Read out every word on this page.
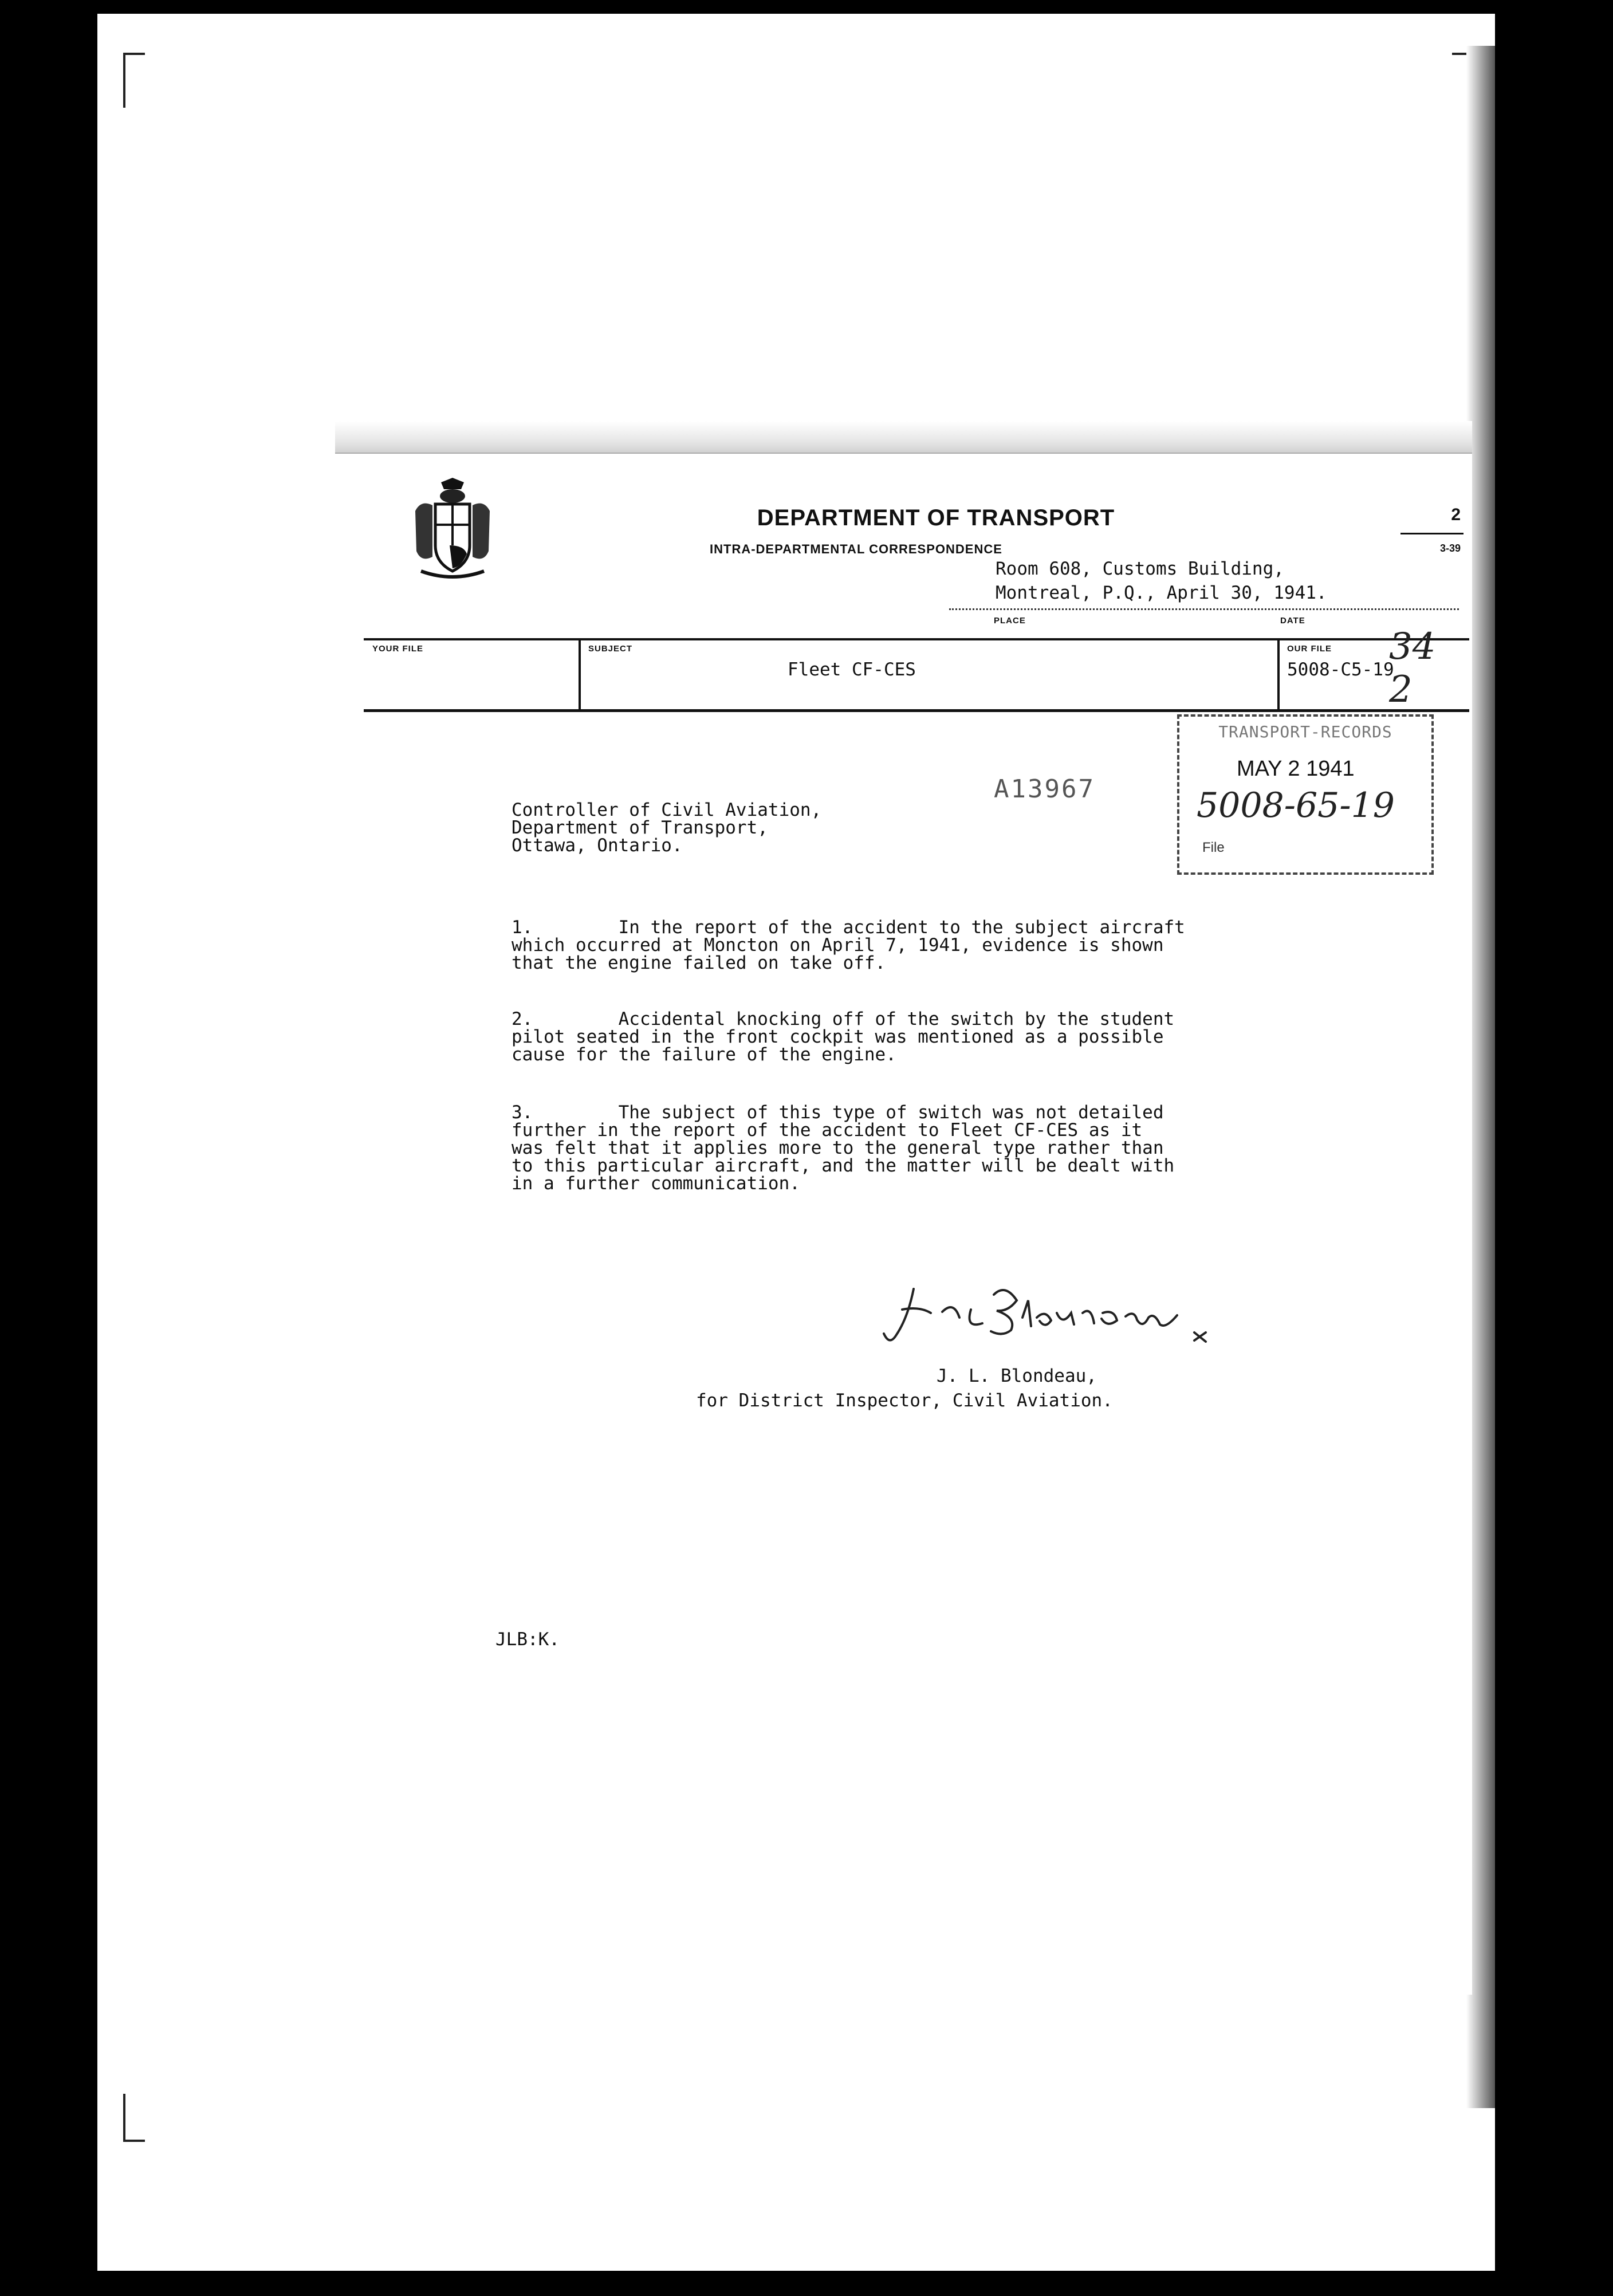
DEPARTMENT OF TRANSPORT
INTRA-DEPARTMENTAL CORRESPONDENCE
2
3-39
Room 608, Customs Building,
Montreal, P.Q., April 30, 1941.
PLACE	DATE
YOUR FILE	SUBJECT
Fleet CF-CES
OUR FILE
5008-C5-19
34
2
A13967
TRANSPORT-RECORDS
MAY 2 1941
5008-65-19
File
Controller of Civil Aviation,
Department of Transport,
Ottawa, Ontario.
1.        In the report of the accident to the subject aircraft
which occurred at Moncton on April 7, 1941, evidence is shown
that the engine failed on take off.
2.        Accidental knocking off of the switch by the student
pilot seated in the front cockpit was mentioned as a possible
cause for the failure of the engine.
3.        The subject of this type of switch was not detailed
further in the report of the accident to Fleet CF-CES as it
was felt that it applies more to the general type rather than
to this particular aircraft, and the matter will be dealt with
in a further communication.
J. L. Blondeau,
for District Inspector, Civil Aviation.
JLB:K.
